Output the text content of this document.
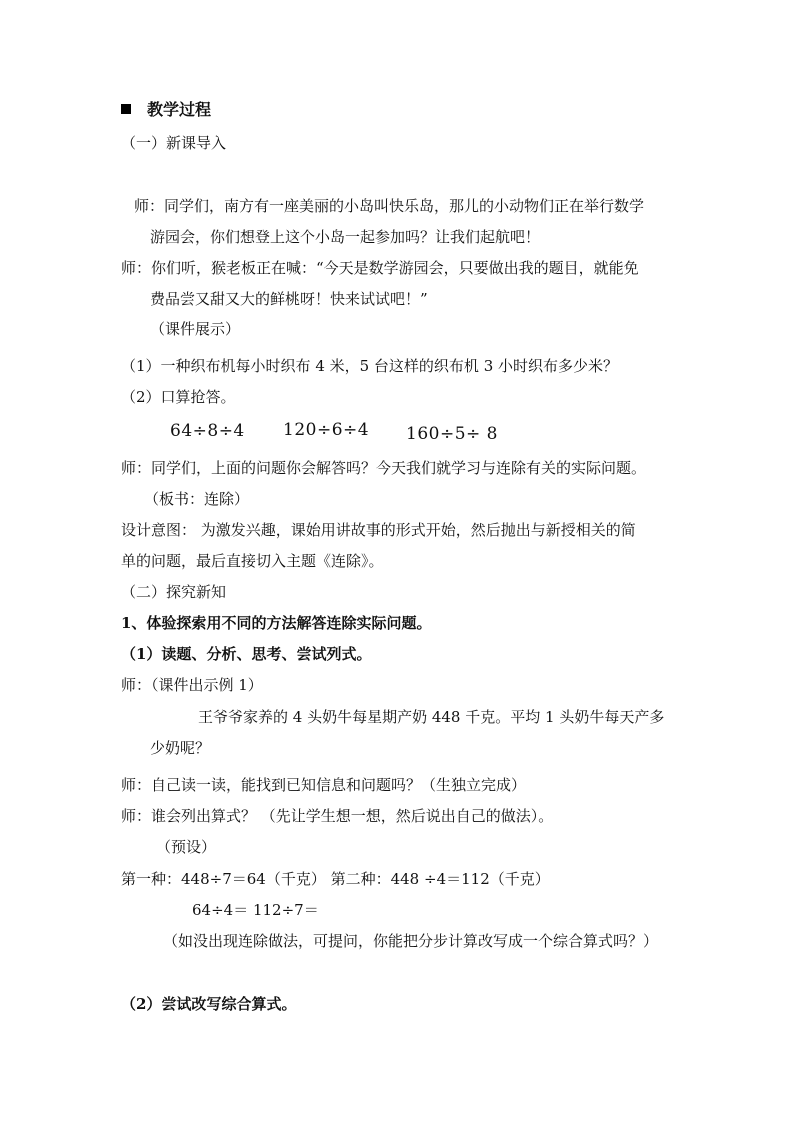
教学过程
（一）新课导入
师：同学们，南方有一座美丽的小岛叫快乐岛，那儿的小动物们正在举行数学
游园会，你们想登上这个小岛一起参加吗？让我们起航吧！
师：你们听，猴老板正在喊：“今天是数学游园会，只要做出我的题目，就能免
费品尝又甜又大的鲜桃呀！快来试试吧！”
（课件展示）
（1）一种织布机每小时织布 4 米，5 台这样的织布机 3 小时织布多少米？
（2）口算抢答。
64÷8÷4 120÷6÷4 160÷5÷ 8
师：同学们，上面的问题你会解答吗？今天我们就学习与连除有关的实际问题。
（板书：连除）
设计意图： 为激发兴趣，课始用讲故事的形式开始，然后抛出与新授相关的简
单的问题，最后直接切入主题《连除》。
（二）探究新知
1、体验探索用不同的方法解答连除实际问题。
（1）读题、分析、思考、尝试列式。
师：（课件出示例 1）
王爷爷家养的 4 头奶牛每星期产奶 448 千克。平均 1 头奶牛每天产多
少奶呢？
师：自己读一读，能找到已知信息和问题吗？（生独立完成）
师：谁会列出算式？ （先让学生想一想，然后说出自己的做法）。
（预设）
第一种：448÷7＝64（千克） 第二种：448 ÷4＝112（千克）
64÷4＝ 112÷7＝
（如没出现连除做法，可提问，你能把分步计算改写成一个综合算式吗？）
（2）尝试改写综合算式。
